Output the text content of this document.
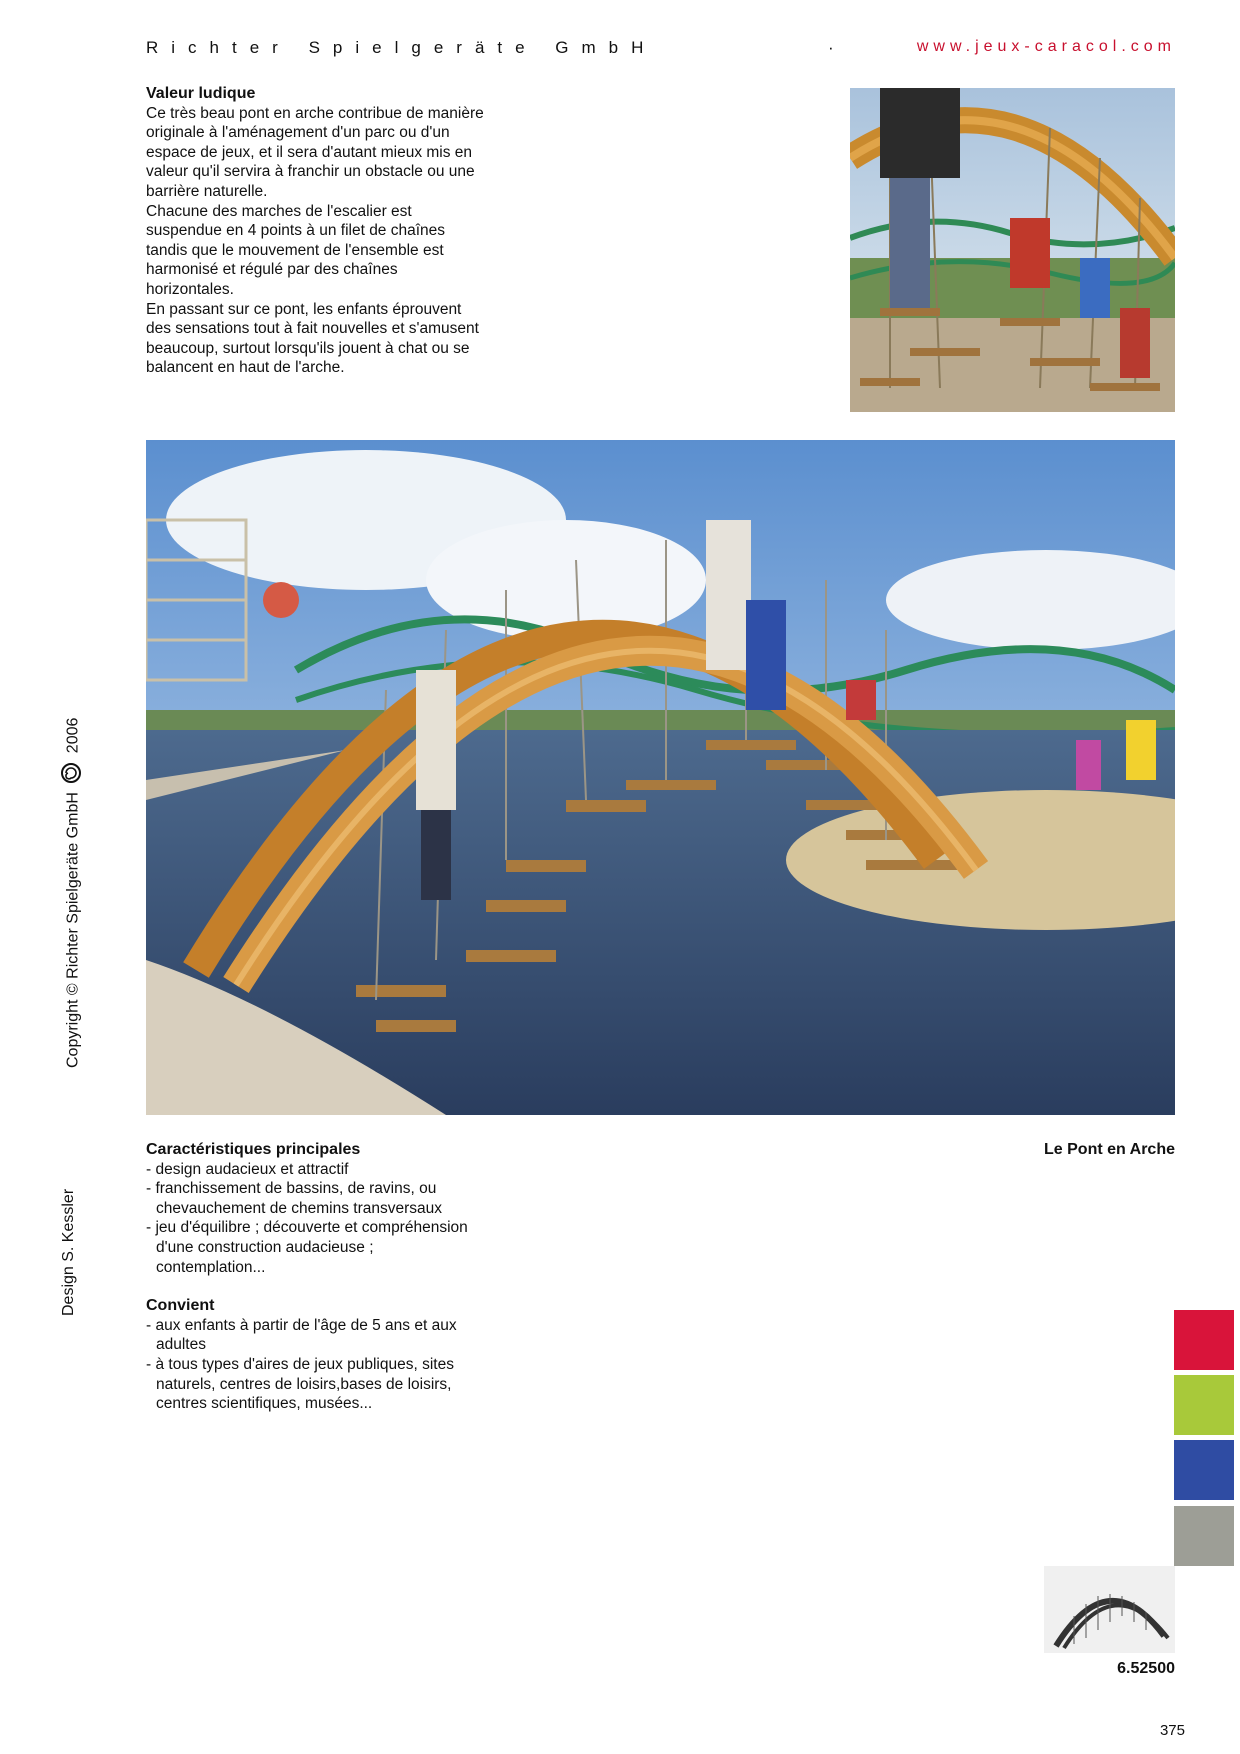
Richter Spielgeräte GmbH	·	www.jeux-caracol.com
Valeur ludique

Ce très beau pont en arche contribue de manière originale à l'aménagement d'un parc ou d'un espace de jeux, et il sera d'autant mieux mis en valeur qu'il servira à franchir un obstacle ou une barrière naturelle.

Chacune des marches de l'escalier est suspendue en 4 points à un filet de chaînes tandis que le mouvement de l'ensemble est harmonisé et régulé par des chaînes horizontales.

En passant sur ce pont, les enfants éprouvent des sensations tout à fait nouvelles et s'amusent beaucoup, surtout lorsqu'ils jouent à chat ou se balancent en haut de l'arche.

Le Pont en Arche
Caractéristiques principales
- design audacieux et attractif
- franchissement de bassins, de ravins, ou chevauchement de chemins transversaux
- jeu d'équilibre ; découverte et compréhension d'une construction audacieuse ; contemplation...
Convient
- aux enfants à partir de l'âge de 5 ans et aux adultes
- à tous types d'aires de jeux publiques, sites naturels, centres de loisirs,bases de loisirs, centres scientifiques, musées...
Copyright © Richter Spielgeräte GmbH  2006
Design S. Kessler
6.52500
375
